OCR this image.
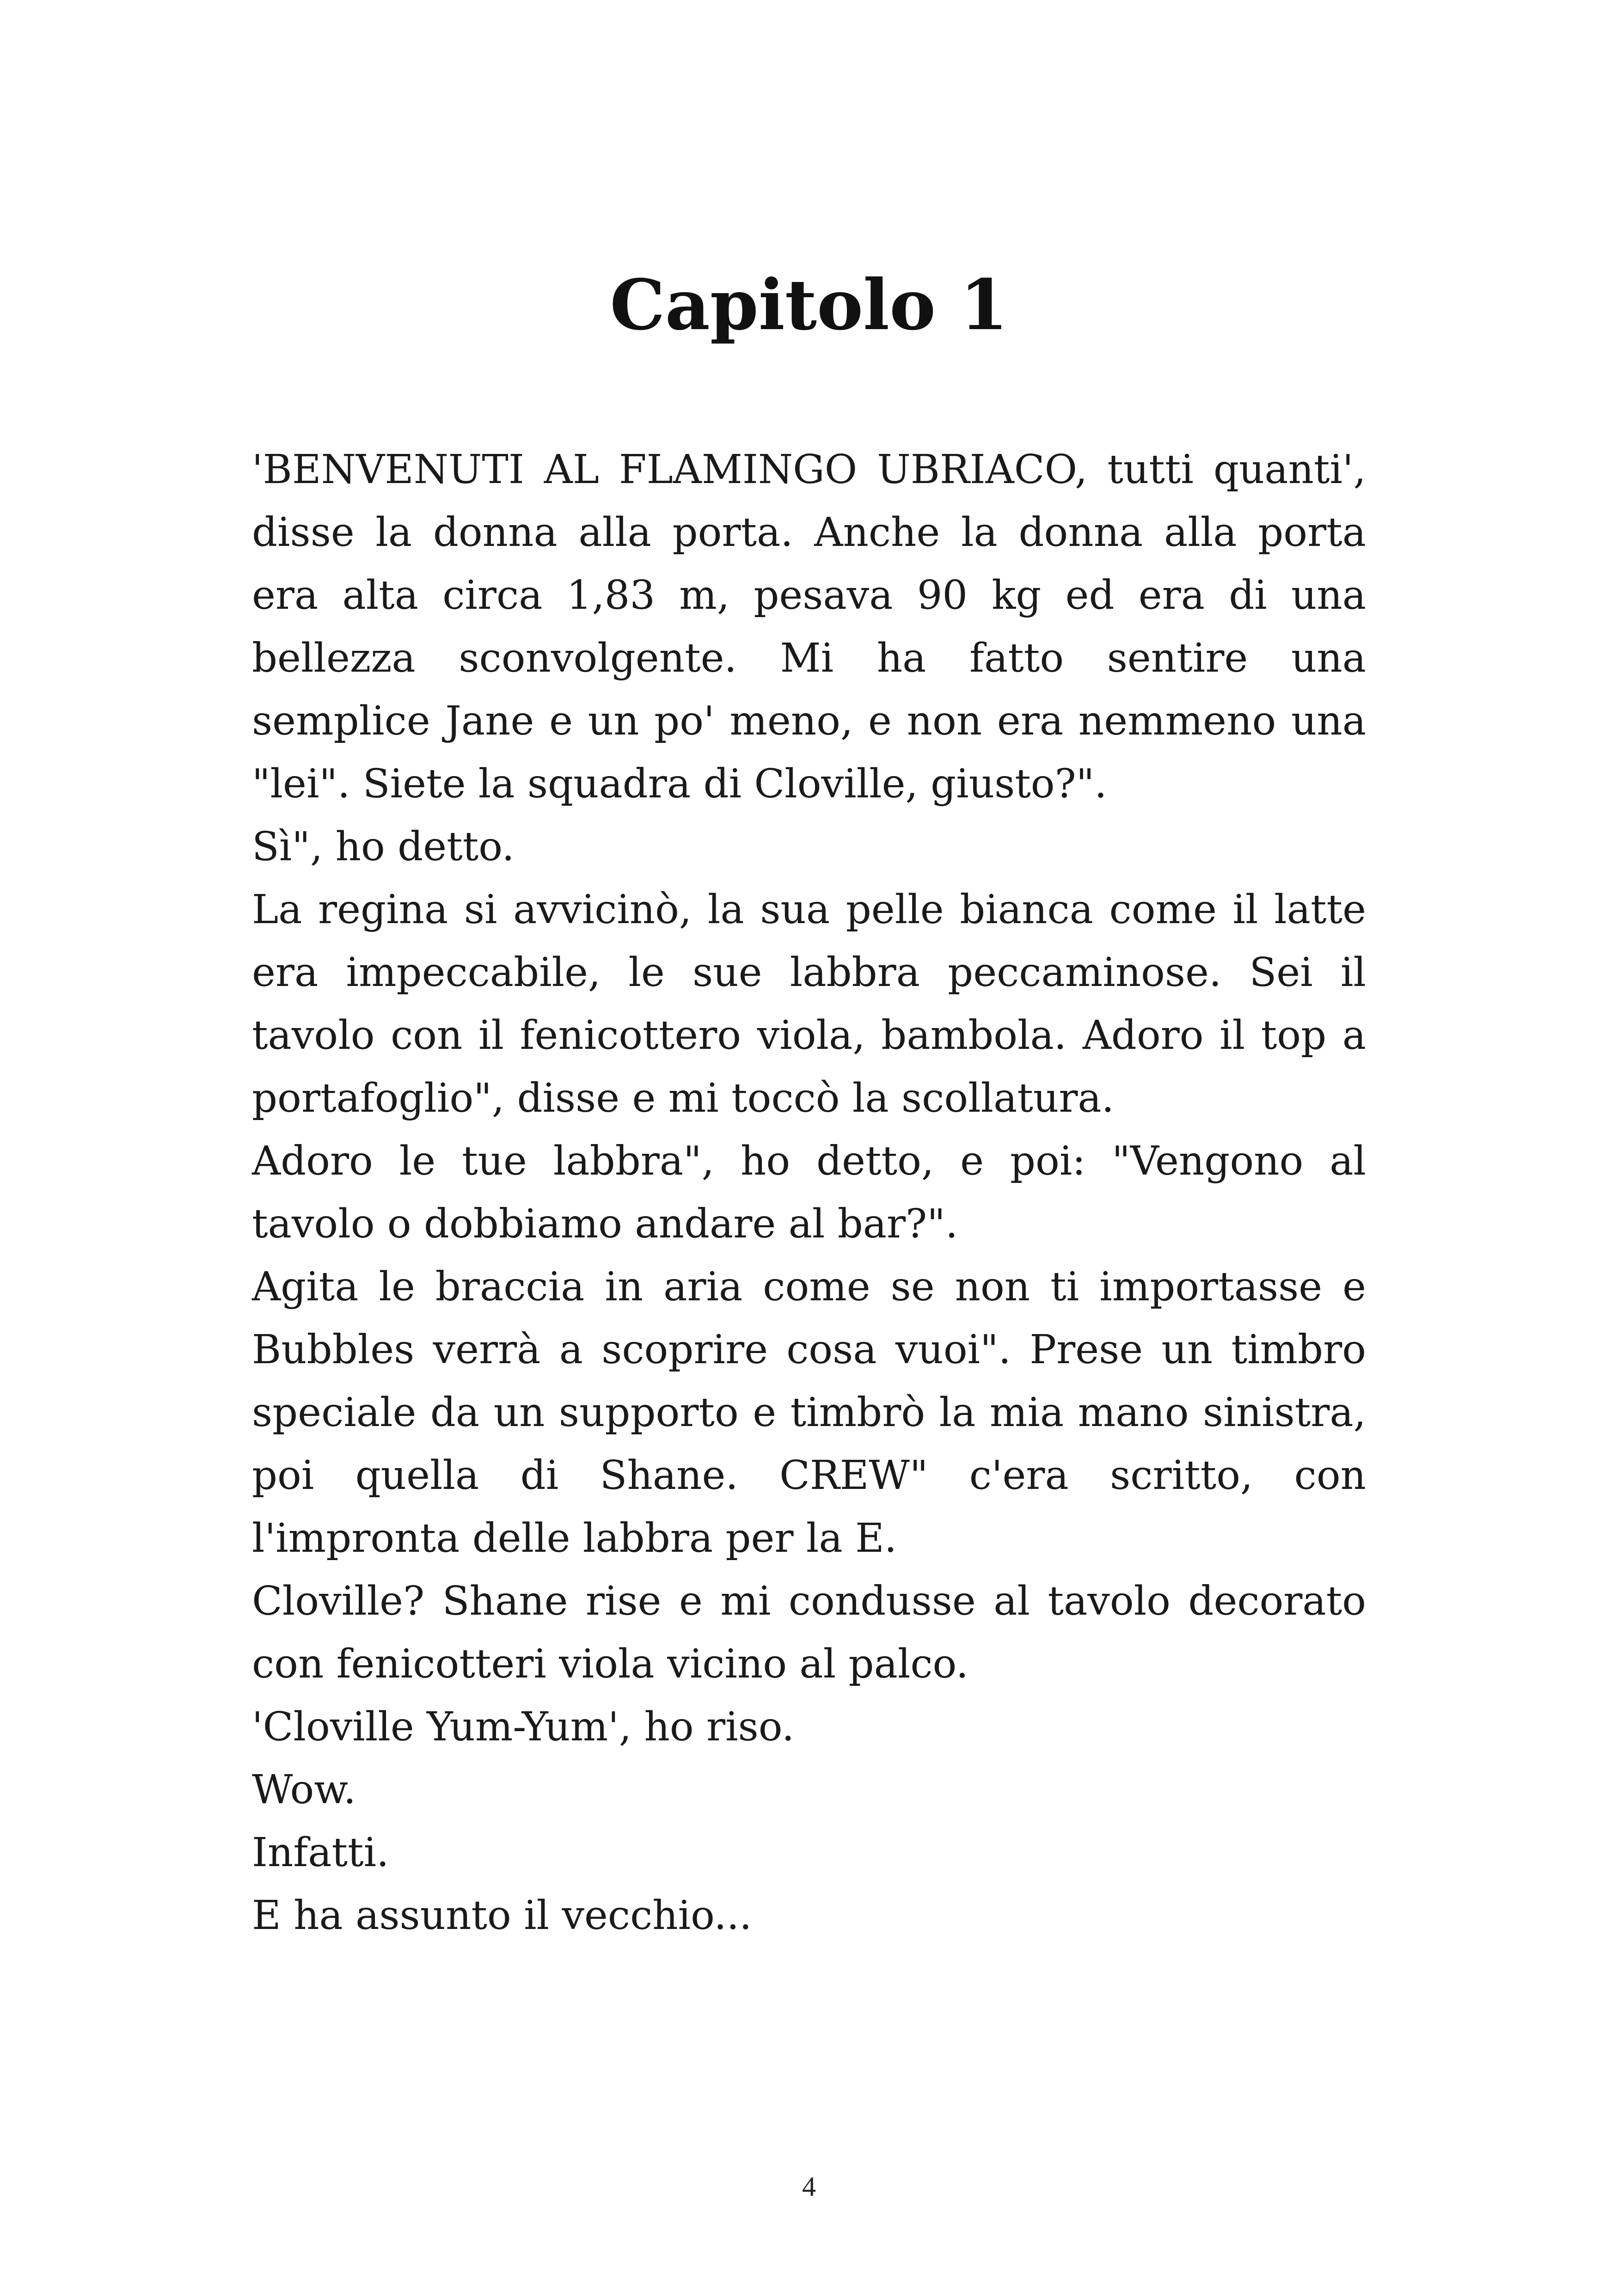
Capitolo 1

'BENVENUTI AL FLAMINGO UBRIACO, tutti quanti', disse la donna alla porta. Anche la donna alla porta era alta circa 1,83 m, pesava 90 kg ed era di una bellezza sconvolgente. Mi ha fatto sentire una semplice Jane e un po' meno, e non era nemmeno una "lei". Siete la squadra di Cloville, giusto?".

Sì", ho detto.

La regina si avvicinò, la sua pelle bianca come il latte era impeccabile, le sue labbra peccaminose. Sei il tavolo con il fenicottero viola, bambola. Adoro il top a portafoglio", disse e mi toccò la scollatura.

Adoro le tue labbra", ho detto, e poi: "Vengono al tavolo o dobbiamo andare al bar?".

Agita le braccia in aria come se non ti importasse e Bubbles verrà a scoprire cosa vuoi". Prese un timbro speciale da un supporto e timbrò la mia mano sinistra, poi quella di Shane. CREW" c'era scritto, con l'impronta delle labbra per la E.

Cloville? Shane rise e mi condusse al tavolo decorato con fenicotteri viola vicino al palco.

'Cloville Yum-Yum', ho riso.

Wow.

Infatti.

E ha assunto il vecchio...

4
